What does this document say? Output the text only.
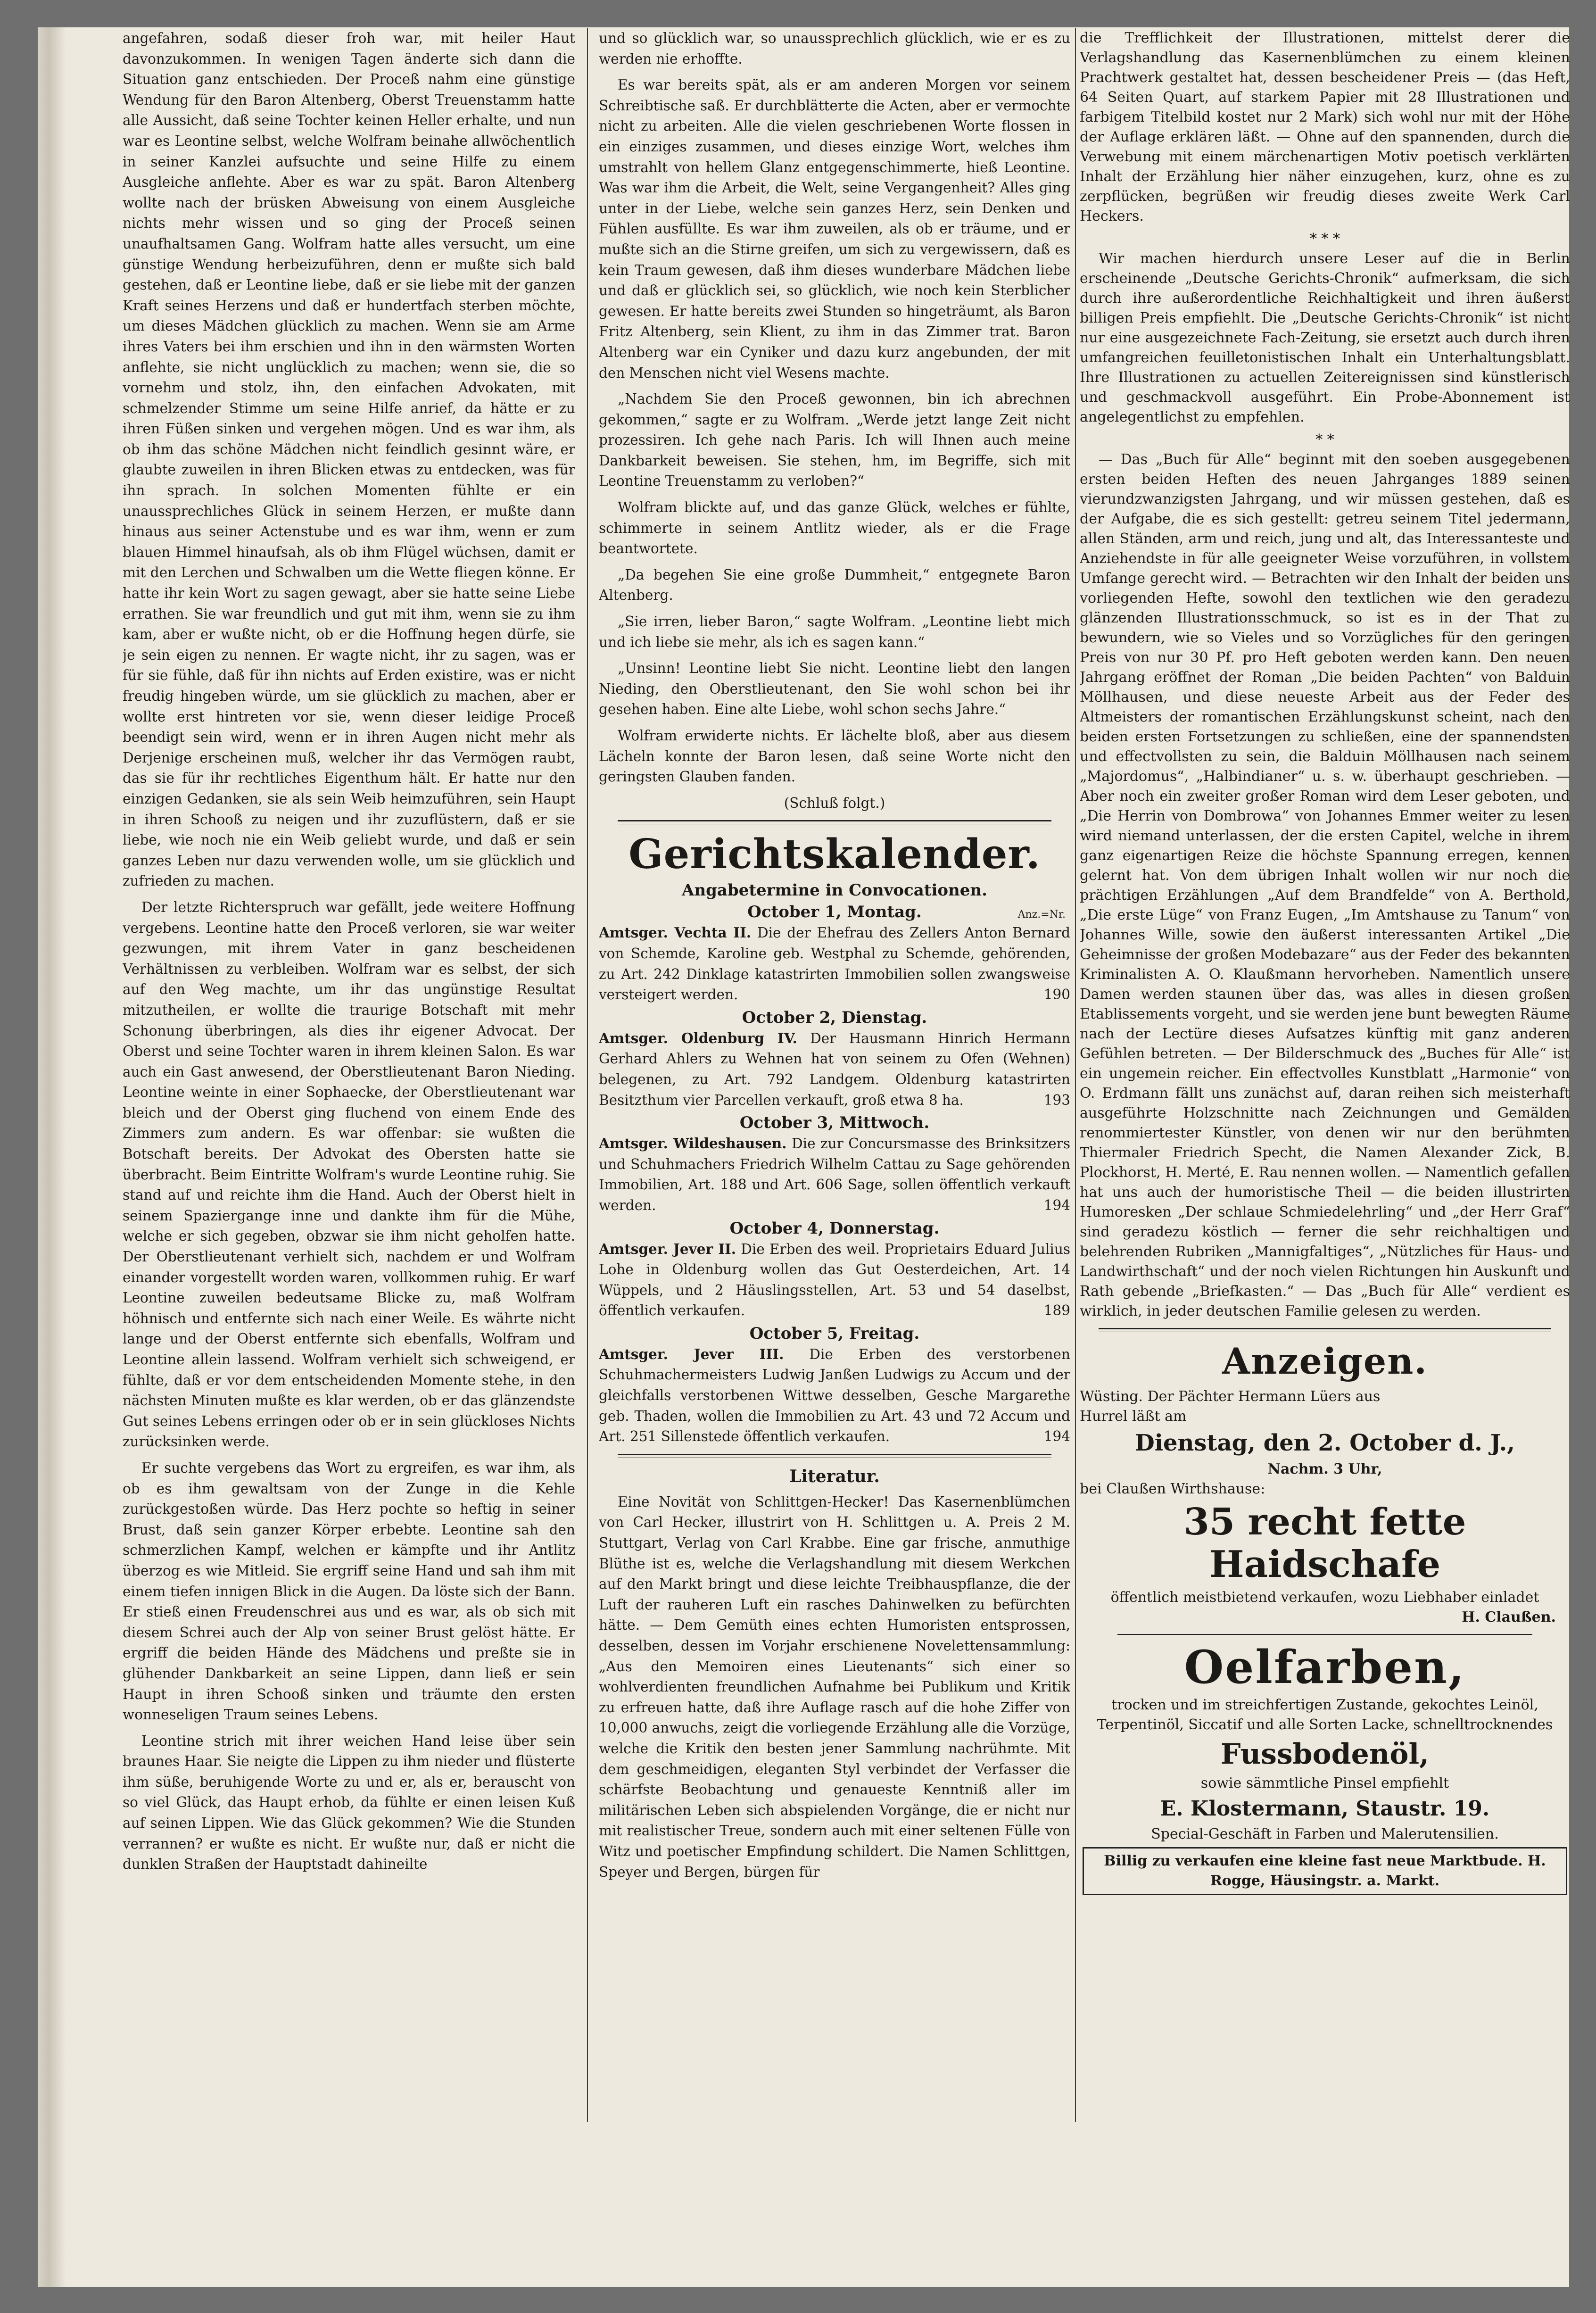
angefahren, sodaß dieser froh war, mit heiler Haut davonzukommen. In wenigen Tagen änderte sich dann die Situation ganz entschieden. Der Proceß nahm eine günstige Wendung für den Baron Altenberg, Oberst Treuenstamm hatte alle Aussicht, daß seine Tochter keinen Heller erhalte, und nun war es Leontine selbst, welche Wolfram beinahe allwöchentlich in seiner Kanzlei aufsuchte und seine Hilfe zu einem Ausgleiche anflehte. Aber es war zu spät. Baron Altenberg wollte nach der brüsken Abweisung von einem Ausgleiche nichts mehr wissen und so ging der Proceß seinen unaufhaltsamen Gang. Wolfram hatte alles versucht, um eine günstige Wendung herbeizuführen, denn er mußte sich bald gestehen, daß er Leontine liebe, daß er sie liebe mit der ganzen Kraft seines Herzens und daß er hundertfach sterben möchte, um dieses Mädchen glücklich zu machen. Wenn sie am Arme ihres Vaters bei ihm erschien und ihn in den wärmsten Worten anflehte, sie nicht unglücklich zu machen; wenn sie, die so vornehm und stolz, ihn, den einfachen Advokaten, mit schmelzender Stimme um seine Hilfe anrief, da hätte er zu ihren Füßen sinken und vergehen mögen. Und es war ihm, als ob ihm das schöne Mädchen nicht feindlich gesinnt wäre, er glaubte zuweilen in ihren Blicken etwas zu entdecken, was für ihn sprach. In solchen Momenten fühlte er ein unaussprechliches Glück in seinem Herzen, er mußte dann hinaus aus seiner Actenstube und es war ihm, wenn er zum blauen Himmel hinaufsah, als ob ihm Flügel wüchsen, damit er mit den Lerchen und Schwalben um die Wette fliegen könne. Er hatte ihr kein Wort zu sagen gewagt, aber sie hatte seine Liebe errathen. Sie war freundlich und gut mit ihm, wenn sie zu ihm kam, aber er wußte nicht, ob er die Hoffnung hegen dürfe, sie je sein eigen zu nennen. Er wagte nicht, ihr zu sagen, was er für sie fühle, daß für ihn nichts auf Erden existire, was er nicht freudig hingeben würde, um sie glücklich zu machen, aber er wollte erst hintreten vor sie, wenn dieser leidige Proceß beendigt sein wird, wenn er in ihren Augen nicht mehr als Derjenige erscheinen muß, welcher ihr das Vermögen raubt, das sie für ihr rechtliches Eigenthum hält. Er hatte nur den einzigen Gedanken, sie als sein Weib heimzuführen, sein Haupt in ihren Schooß zu neigen und ihr zuzuflüstern, daß er sie liebe, wie noch nie ein Weib geliebt wurde, und daß er sein ganzes Leben nur dazu verwenden wolle, um sie glücklich und zufrieden zu machen.

Der letzte Richterspruch war gefällt, jede weitere Hoffnung vergebens. Leontine hatte den Proceß verloren, sie war weiter gezwungen, mit ihrem Vater in ganz bescheidenen Verhältnissen zu verbleiben. Wolfram war es selbst, der sich auf den Weg machte, um ihr das ungünstige Resultat mitzutheilen, er wollte die traurige Botschaft mit mehr Schonung überbringen, als dies ihr eigener Advocat. Der Oberst und seine Tochter waren in ihrem kleinen Salon. Es war auch ein Gast anwesend, der Oberstlieutenant Baron Nieding. Leontine weinte in einer Sophaecke, der Oberstlieutenant war bleich und der Oberst ging fluchend von einem Ende des Zimmers zum andern. Es war offenbar: sie wußten die Botschaft bereits. Der Advokat des Obersten hatte sie überbracht. Beim Eintritte Wolfram's wurde Leontine ruhig. Sie stand auf und reichte ihm die Hand. Auch der Oberst hielt in seinem Spaziergange inne und dankte ihm für die Mühe, welche er sich gegeben, obzwar sie ihm nicht geholfen hatte. Der Oberstlieutenant verhielt sich, nachdem er und Wolfram einander vorgestellt worden waren, vollkommen ruhig. Er warf Leontine zuweilen bedeutsame Blicke zu, maß Wolfram höhnisch und entfernte sich nach einer Weile. Es währte nicht lange und der Oberst entfernte sich ebenfalls, Wolfram und Leontine allein lassend. Wolfram verhielt sich schweigend, er fühlte, daß er vor dem entscheidenden Momente stehe, in den nächsten Minuten mußte es klar werden, ob er das glänzendste Gut seines Lebens erringen oder ob er in sein glückloses Nichts zurücksinken werde.

Er suchte vergebens das Wort zu ergreifen, es war ihm, als ob es ihm gewaltsam von der Zunge in die Kehle zurückgestoßen würde. Das Herz pochte so heftig in seiner Brust, daß sein ganzer Körper erbebte. Leontine sah den schmerzlichen Kampf, welchen er kämpfte und ihr Antlitz überzog es wie Mitleid. Sie ergriff seine Hand und sah ihm mit einem tiefen innigen Blick in die Augen. Da löste sich der Bann. Er stieß einen Freudenschrei aus und es war, als ob sich mit diesem Schrei auch der Alp von seiner Brust gelöst hätte. Er ergriff die beiden Hände des Mädchens und preßte sie in glühender Dankbarkeit an seine Lippen, dann ließ er sein Haupt in ihren Schooß sinken und träumte den ersten wonneseligen Traum seines Lebens.

Leontine strich mit ihrer weichen Hand leise über sein braunes Haar. Sie neigte die Lippen zu ihm nieder und flüsterte ihm süße, beruhigende Worte zu und er, als er, berauscht von so viel Glück, das Haupt erhob, da fühlte er einen leisen Kuß auf seinen Lippen. Wie das Glück gekommen? Wie die Stunden verrannen? er wußte es nicht. Er wußte nur, daß er nicht die dunklen Straßen der Hauptstadt dahineilte

und so glücklich war, so unaussprechlich glücklich, wie er es zu werden nie erhoffte.

Es war bereits spät, als er am anderen Morgen vor seinem Schreibtische saß. Er durchblätterte die Acten, aber er vermochte nicht zu arbeiten. Alle die vielen geschriebenen Worte flossen in ein einziges zusammen, und dieses einzige Wort, welches ihm umstrahlt von hellem Glanz entgegenschimmerte, hieß Leontine. Was war ihm die Arbeit, die Welt, seine Vergangenheit? Alles ging unter in der Liebe, welche sein ganzes Herz, sein Denken und Fühlen ausfüllte. Es war ihm zuweilen, als ob er träume, und er mußte sich an die Stirne greifen, um sich zu vergewissern, daß es kein Traum gewesen, daß ihm dieses wunderbare Mädchen liebe und daß er glücklich sei, so glücklich, wie noch kein Sterblicher gewesen. Er hatte bereits zwei Stunden so hingeträumt, als Baron Fritz Altenberg, sein Klient, zu ihm in das Zimmer trat. Baron Altenberg war ein Cyniker und dazu kurz angebunden, der mit den Menschen nicht viel Wesens machte.

„Nachdem Sie den Proceß gewonnen, bin ich abrechnen gekommen,“ sagte er zu Wolfram. „Werde jetzt lange Zeit nicht prozessiren. Ich gehe nach Paris. Ich will Ihnen auch meine Dankbarkeit beweisen. Sie stehen, hm, im Begriffe, sich mit Leontine Treuenstamm zu verloben?“

Wolfram blickte auf, und das ganze Glück, welches er fühlte, schimmerte in seinem Antlitz wieder, als er die Frage beantwortete.

„Da begehen Sie eine große Dummheit,“ entgegnete Baron Altenberg.

„Sie irren, lieber Baron,“ sagte Wolfram. „Leontine liebt mich und ich liebe sie mehr, als ich es sagen kann.“

„Unsinn! Leontine liebt Sie nicht. Leontine liebt den langen Nieding, den Oberstlieutenant, den Sie wohl schon bei ihr gesehen haben. Eine alte Liebe, wohl schon sechs Jahre.“

Wolfram erwiderte nichts. Er lächelte bloß, aber aus diesem Lächeln konnte der Baron lesen, daß seine Worte nicht den geringsten Glauben fanden.

(Schluß folgt.)

Gerichtskalender.
Angabetermine in Convocationen.
October 1, Montag.	Anz.=Nr.
Amtsger. Vechta II. Die der Ehefrau des Zellers Anton Bernard von Schemde, Karoline geb. Westphal zu Schemde, gehörenden, zu Art. 242 Dinklage katastrirten Immobilien sollen zwangsweise versteigert werden.	190
October 2, Dienstag.
Amtsger. Oldenburg IV. Der Hausmann Hinrich Hermann Gerhard Ahlers zu Wehnen hat von seinem zu Ofen (Wehnen) belegenen, zu Art. 792 Landgem. Oldenburg katastrirten Besitzthum vier Parcellen verkauft, groß etwa 8 ha.	193
October 3, Mittwoch.
Amtsger. Wildeshausen. Die zur Concursmasse des Brinksitzers und Schuhmachers Friedrich Wilhelm Cattau zu Sage gehörenden Immobilien, Art. 188 und Art. 606 Sage, sollen öffentlich verkauft werden.	194
October 4, Donnerstag.
Amtsger. Jever II. Die Erben des weil. Proprietairs Eduard Julius Lohe in Oldenburg wollen das Gut Oesterdeichen, Art. 14 Wüppels, und 2 Häuslingsstellen, Art. 53 und 54 daselbst, öffentlich verkaufen.	189
October 5, Freitag.
Amtsger. Jever III. Die Erben des verstorbenen Schuhmachermeisters Ludwig Janßen Ludwigs zu Accum und der gleichfalls verstorbenen Wittwe desselben, Gesche Margarethe geb. Thaden, wollen die Immobilien zu Art. 43 und 72 Accum und Art. 251 Sillenstede öffentlich verkaufen.	194
Literatur.

Eine Novität von Schlittgen-Hecker! Das Kasernenblümchen von Carl Hecker, illustrirt von H. Schlittgen u. A. Preis 2 M. Stuttgart, Verlag von Carl Krabbe. Eine gar frische, anmuthige Blüthe ist es, welche die Verlagshandlung mit diesem Werkchen auf den Markt bringt und diese leichte Treibhauspflanze, die der Luft der rauheren Luft ein rasches Dahinwelken zu befürchten hätte. — Dem Gemüth eines echten Humoristen entsprossen, desselben, dessen im Vorjahr erschienene Novelettensammlung: „Aus den Memoiren eines Lieutenants“ sich einer so wohlverdienten freundlichen Aufnahme bei Publikum und Kritik zu erfreuen hatte, daß ihre Auflage rasch auf die hohe Ziffer von 10,000 anwuchs, zeigt die vorliegende Erzählung alle die Vorzüge, welche die Kritik den besten jener Sammlung nachrühmte. Mit dem geschmeidigen, eleganten Styl verbindet der Verfasser die schärfste Beobachtung und genaueste Kenntniß aller im militärischen Leben sich abspielenden Vorgänge, die er nicht nur mit realistischer Treue, sondern auch mit einer seltenen Fülle von Witz und poetischer Empfindung schildert. Die Namen Schlittgen, Speyer und Bergen, bürgen für

die Trefflichkeit der Illustrationen, mittelst derer die Verlagshandlung das Kasernenblümchen zu einem kleinen Prachtwerk gestaltet hat, dessen bescheidener Preis — (das Heft, 64 Seiten Quart, auf starkem Papier mit 28 Illustrationen und farbigem Titelbild kostet nur 2 Mark) sich wohl nur mit der Höhe der Auflage erklären läßt. — Ohne auf den spannenden, durch die Verwebung mit einem märchenartigen Motiv poetisch verklärten Inhalt der Erzählung hier näher einzugehen, kurz, ohne es zu zerpflücken, begrüßen wir freudig dieses zweite Werk Carl Heckers.

* * *

Wir machen hierdurch unsere Leser auf die in Berlin erscheinende „Deutsche Gerichts-Chronik“ aufmerksam, die sich durch ihre außerordentliche Reichhaltigkeit und ihren äußerst billigen Preis empfiehlt. Die „Deutsche Gerichts-Chronik“ ist nicht nur eine ausgezeichnete Fach-Zeitung, sie ersetzt auch durch ihren umfangreichen feuilletonistischen Inhalt ein Unterhaltungsblatt. Ihre Illustrationen zu actuellen Zeitereignissen sind künstlerisch und geschmackvoll ausgeführt. Ein Probe-Abonnement ist angelegentlichst zu empfehlen.

* *

— Das „Buch für Alle“ beginnt mit den soeben ausgegebenen ersten beiden Heften des neuen Jahrganges 1889 seinen vierundzwanzigsten Jahrgang, und wir müssen gestehen, daß es der Aufgabe, die es sich gestellt: getreu seinem Titel jedermann, allen Ständen, arm und reich, jung und alt, das Interessanteste und Anziehendste in für alle geeigneter Weise vorzuführen, in vollstem Umfange gerecht wird. — Betrachten wir den Inhalt der beiden uns vorliegenden Hefte, sowohl den textlichen wie den geradezu glänzenden Illustrationsschmuck, so ist es in der That zu bewundern, wie so Vieles und so Vorzügliches für den geringen Preis von nur 30 Pf. pro Heft geboten werden kann. Den neuen Jahrgang eröffnet der Roman „Die beiden Pachten“ von Balduin Möllhausen, und diese neueste Arbeit aus der Feder des Altmeisters der romantischen Erzählungskunst scheint, nach den beiden ersten Fortsetzungen zu schließen, eine der spannendsten und effectvollsten zu sein, die Balduin Möllhausen nach seinem „Majordomus“, „Halbindianer“ u. s. w. überhaupt geschrieben. — Aber noch ein zweiter großer Roman wird dem Leser geboten, und „Die Herrin von Dombrowa“ von Johannes Emmer weiter zu lesen wird niemand unterlassen, der die ersten Capitel, welche in ihrem ganz eigenartigen Reize die höchste Spannung erregen, kennen gelernt hat. Von dem übrigen Inhalt wollen wir nur noch die prächtigen Erzählungen „Auf dem Brandfelde“ von A. Berthold, „Die erste Lüge“ von Franz Eugen, „Im Amtshause zu Tanum“ von Johannes Wille, sowie den äußerst interessanten Artikel „Die Geheimnisse der großen Modebazare“ aus der Feder des bekannten Kriminalisten A. O. Klaußmann hervorheben. Namentlich unsere Damen werden staunen über das, was alles in diesen großen Etablissements vorgeht, und sie werden jene bunt bewegten Räume nach der Lectüre dieses Aufsatzes künftig mit ganz anderen Gefühlen betreten. — Der Bilderschmuck des „Buches für Alle“ ist ein ungemein reicher. Ein effectvolles Kunstblatt „Harmonie“ von O. Erdmann fällt uns zunächst auf, daran reihen sich meisterhaft ausgeführte Holzschnitte nach Zeichnungen und Gemälden renommiertester Künstler, von denen wir nur den berühmten Thiermaler Friedrich Specht, die Namen Alexander Zick, B. Plockhorst, H. Merté, E. Rau nennen wollen. — Namentlich gefallen hat uns auch der humoristische Theil — die beiden illustrirten Humoresken „Der schlaue Schmiedelehrling“ und „der Herr Graf“ sind geradezu köstlich — ferner die sehr reichhaltigen und belehrenden Rubriken „Mannigfaltiges“, „Nützliches für Haus- und Landwirthschaft“ und der noch vielen Richtungen hin Auskunft und Rath gebende „Briefkasten.“ — Das „Buch für Alle“ verdient es wirklich, in jeder deutschen Familie gelesen zu werden.

Anzeigen.
Wüsting. Der Pächter Hermann Lüers aus
Hurrel läßt am
Dienstag, den 2. October d. J.,
Nachm. 3 Uhr,
bei Claußen Wirthshause:
35 recht fette Haidschafe
öffentlich meistbietend verkaufen, wozu Liebhaber einladet
H. Claußen.
Oelfarben,
trocken und im streichfertigen Zustande, gekochtes Leinöl, Terpentinöl, Siccatif und alle Sorten Lacke, schnelltrocknendes
Fussbodenöl,
sowie sämmtliche Pinsel empfiehlt
E. Klostermann, Staustr. 19.
Special-Geschäft in Farben und Malerutensilien.
Billig zu verkaufen eine kleine fast neue Marktbude. H. Rogge, Häusingstr. a. Markt.
